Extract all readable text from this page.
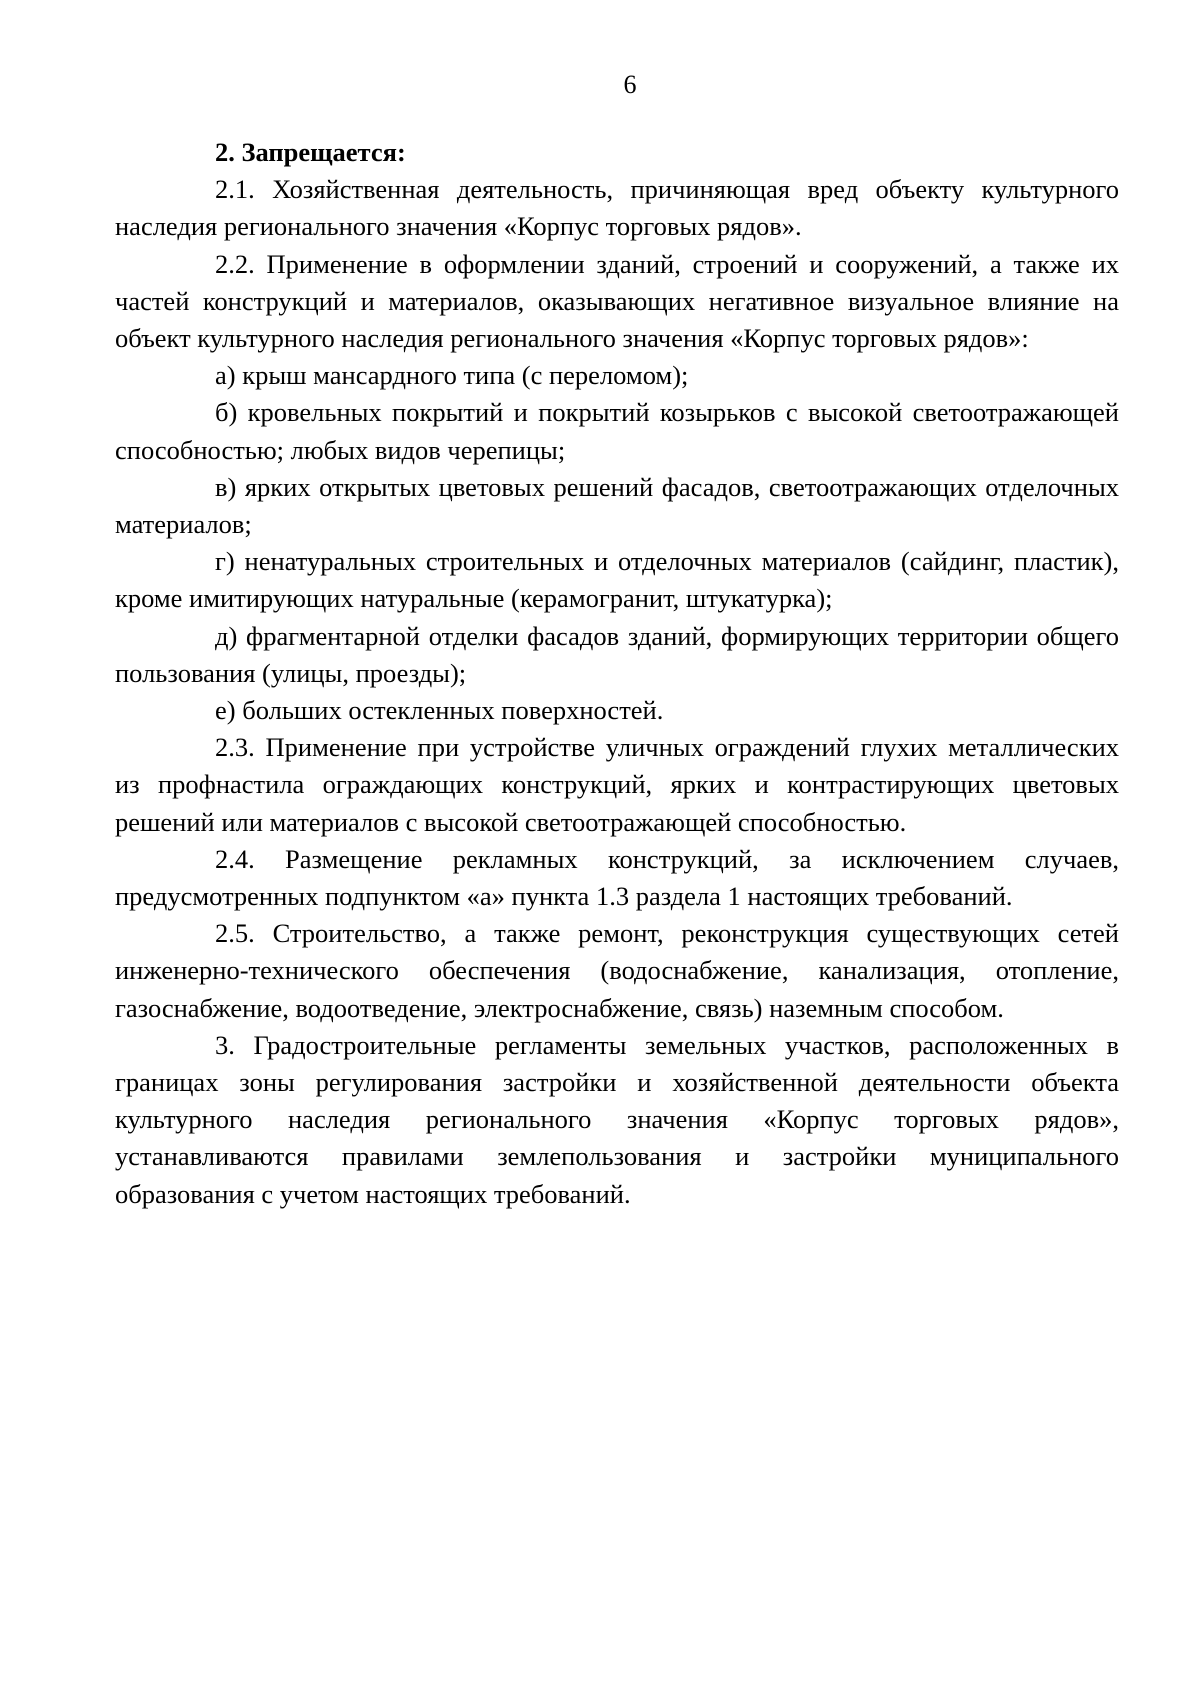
6

2. Запрещается:

2.1. Хозяйственная деятельность, причиняющая вред объекту культурного наследия регионального значения «Корпус торговых рядов».

2.2. Применение в оформлении зданий, строений и сооружений, а также их частей конструкций и материалов, оказывающих негативное визуальное влияние на объект культурного наследия регионального значения «Корпус торговых рядов»:

а) крыш мансардного типа (с переломом);

б) кровельных покрытий и покрытий козырьков с высокой светоотражающей способностью; любых видов черепицы;

в) ярких открытых цветовых решений фасадов, светоотражающих отделочных материалов;

г) ненатуральных строительных и отделочных материалов (сайдинг, пластик), кроме имитирующих натуральные (керамогранит, штукатурка);

д) фрагментарной отделки фасадов зданий, формирующих территории общего пользования (улицы, проезды);

е) больших остекленных поверхностей.

2.3. Применение при устройстве уличных ограждений глухих металлических из профнастила ограждающих конструкций, ярких и контрастирующих цветовых решений или материалов с высокой светоотражающей способностью.

2.4. Размещение рекламных конструкций, за исключением случаев, предусмотренных подпунктом «а» пункта 1.3 раздела 1 настоящих требований.

2.5. Строительство, а также ремонт, реконструкция существующих сетей инженерно-технического обеспечения (водоснабжение, канализация, отопление, газоснабжение, водоотведение, электроснабжение, связь) наземным способом.

3. Градостроительные регламенты земельных участков, расположенных в границах зоны регулирования застройки и хозяйственной деятельности объекта культурного наследия регионального значения «Корпус торговых рядов», устанавливаются правилами землепользования и застройки муниципального образования с учетом настоящих требований.
